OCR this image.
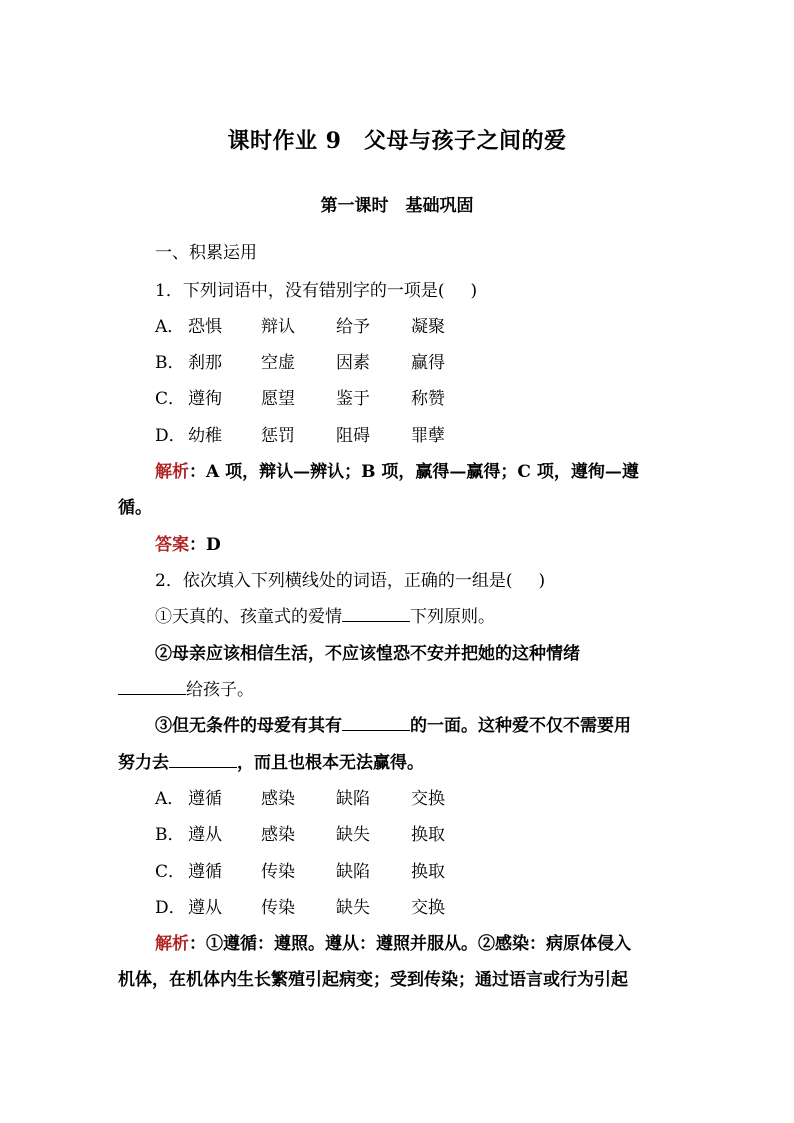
课时作业 9　父母与孩子之间的爱
第一课时　基础巩固
一、积累运用
1．下列词语中，没有错别字的一项是( )
A． 恐惧 辩认 给予 凝聚
B． 刹那 空虚 因素 赢得
C． 遵徇 愿望 鉴于 称赞
D． 幼稚 惩罚 阻碍 罪孽
解析：A 项，辩认—辨认；B 项，赢得—赢得；C 项，遵徇—遵
循。
答案：D
2．依次填入下列横线处的词语，正确的一组是( )
①天真的、孩童式的爱情	下列原则。
②母亲应该相信生活，不应该惶恐不安并把她的这种情绪
给孩子。
③但无条件的母爱有其有	的一面。这种爱不仅不需要用
努力去	，而且也根本无法赢得。
A． 遵循 感染 缺陷 交换
B． 遵从 感染 缺失 换取
C． 遵循 传染 缺陷 换取
D． 遵从 传染 缺失 交换
解析：①遵循：遵照。遵从：遵照并服从。②感染：病原体侵入
机体，在机体内生长繁殖引起病变；受到传染；通过语言或行为引起
